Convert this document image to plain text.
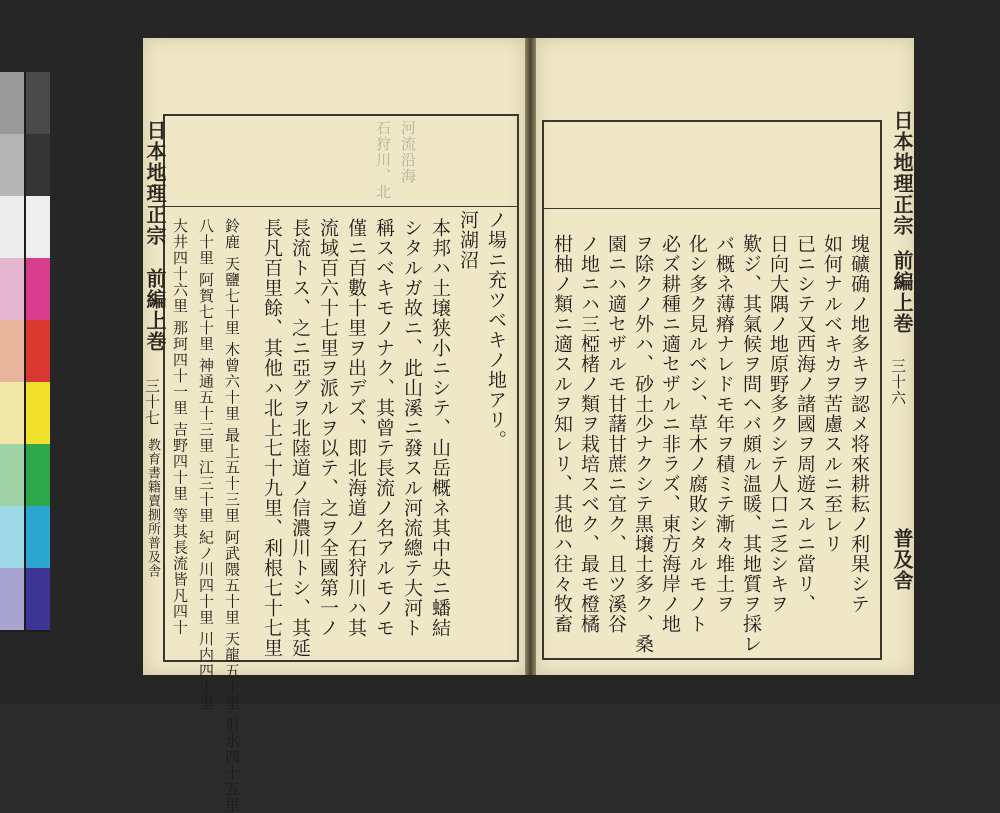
日本地理正宗
前編上巻
三十七
教育書籍賣捌所普及舎
河流沿海
石狩川、北
ノ場ニ充ツベキノ地アリ。
河湖沼
本邦ハ土壌狭小ニシテ、山岳概ネ其中央ニ蟠結
シタルガ故ニ、此山溪ニ發スル河流總テ大河ト
稱スベキモノナク、其曾テ長流ノ名アルモノモ
僅ニ百數十里ヲ出デズ、即北海道ノ石狩川ハ其
流域百六十七里ヲ派ルヲ以テ、之ヲ全國第一ノ
長流トス、之ニ亞グヲ北陸道ノ信濃川トシ、其延
長凡百里餘、其他ハ北上七十九里、利根七十七里
鈴鹿 天鹽七十里 木曾六十里 最上五十三里 阿武隈五十里 天龍五十里 射水四十五里
八十里 阿賀七十里 神通五十三里 江三十里 紀ノ川四十里 川内四十里
大井四十六里 那珂四十一里 吉野四十里 等其長流皆凡四十
日本地理正宗
前編上巻
三十六
普及舎
塊礦确ノ地多キヲ認メ将來耕耘ノ利果シテ
如何ナルベキカヲ苦慮スルニ至レリ
已ニシテ又西海ノ諸國ヲ周遊スルニ當リ、
日向大隅ノ地原野多クシテ人口ニ乏シキヲ
歎ジ、其氣候ヲ問ヘバ頗ル温暖、其地質ヲ採レ
バ概ネ薄瘠ナレドモ年ヲ積ミテ漸々堆土ヲ
化シ多ク見ルベシ、草木ノ腐敗シタルモノト
必ズ耕種ニ適セザルニ非ラズ、東方海岸ノ地
ヲ除クノ外ハ、砂土少ナクシテ黒壌土多ク、桑
園ニハ適セザルモ甘藷甘蔗ニ宜ク、且ツ溪谷
ノ地ニハ三椏楮ノ類ヲ栽培スベク、最モ橙橘
柑柚ノ類ニ適スルヲ知レリ、其他ハ往々牧畜
